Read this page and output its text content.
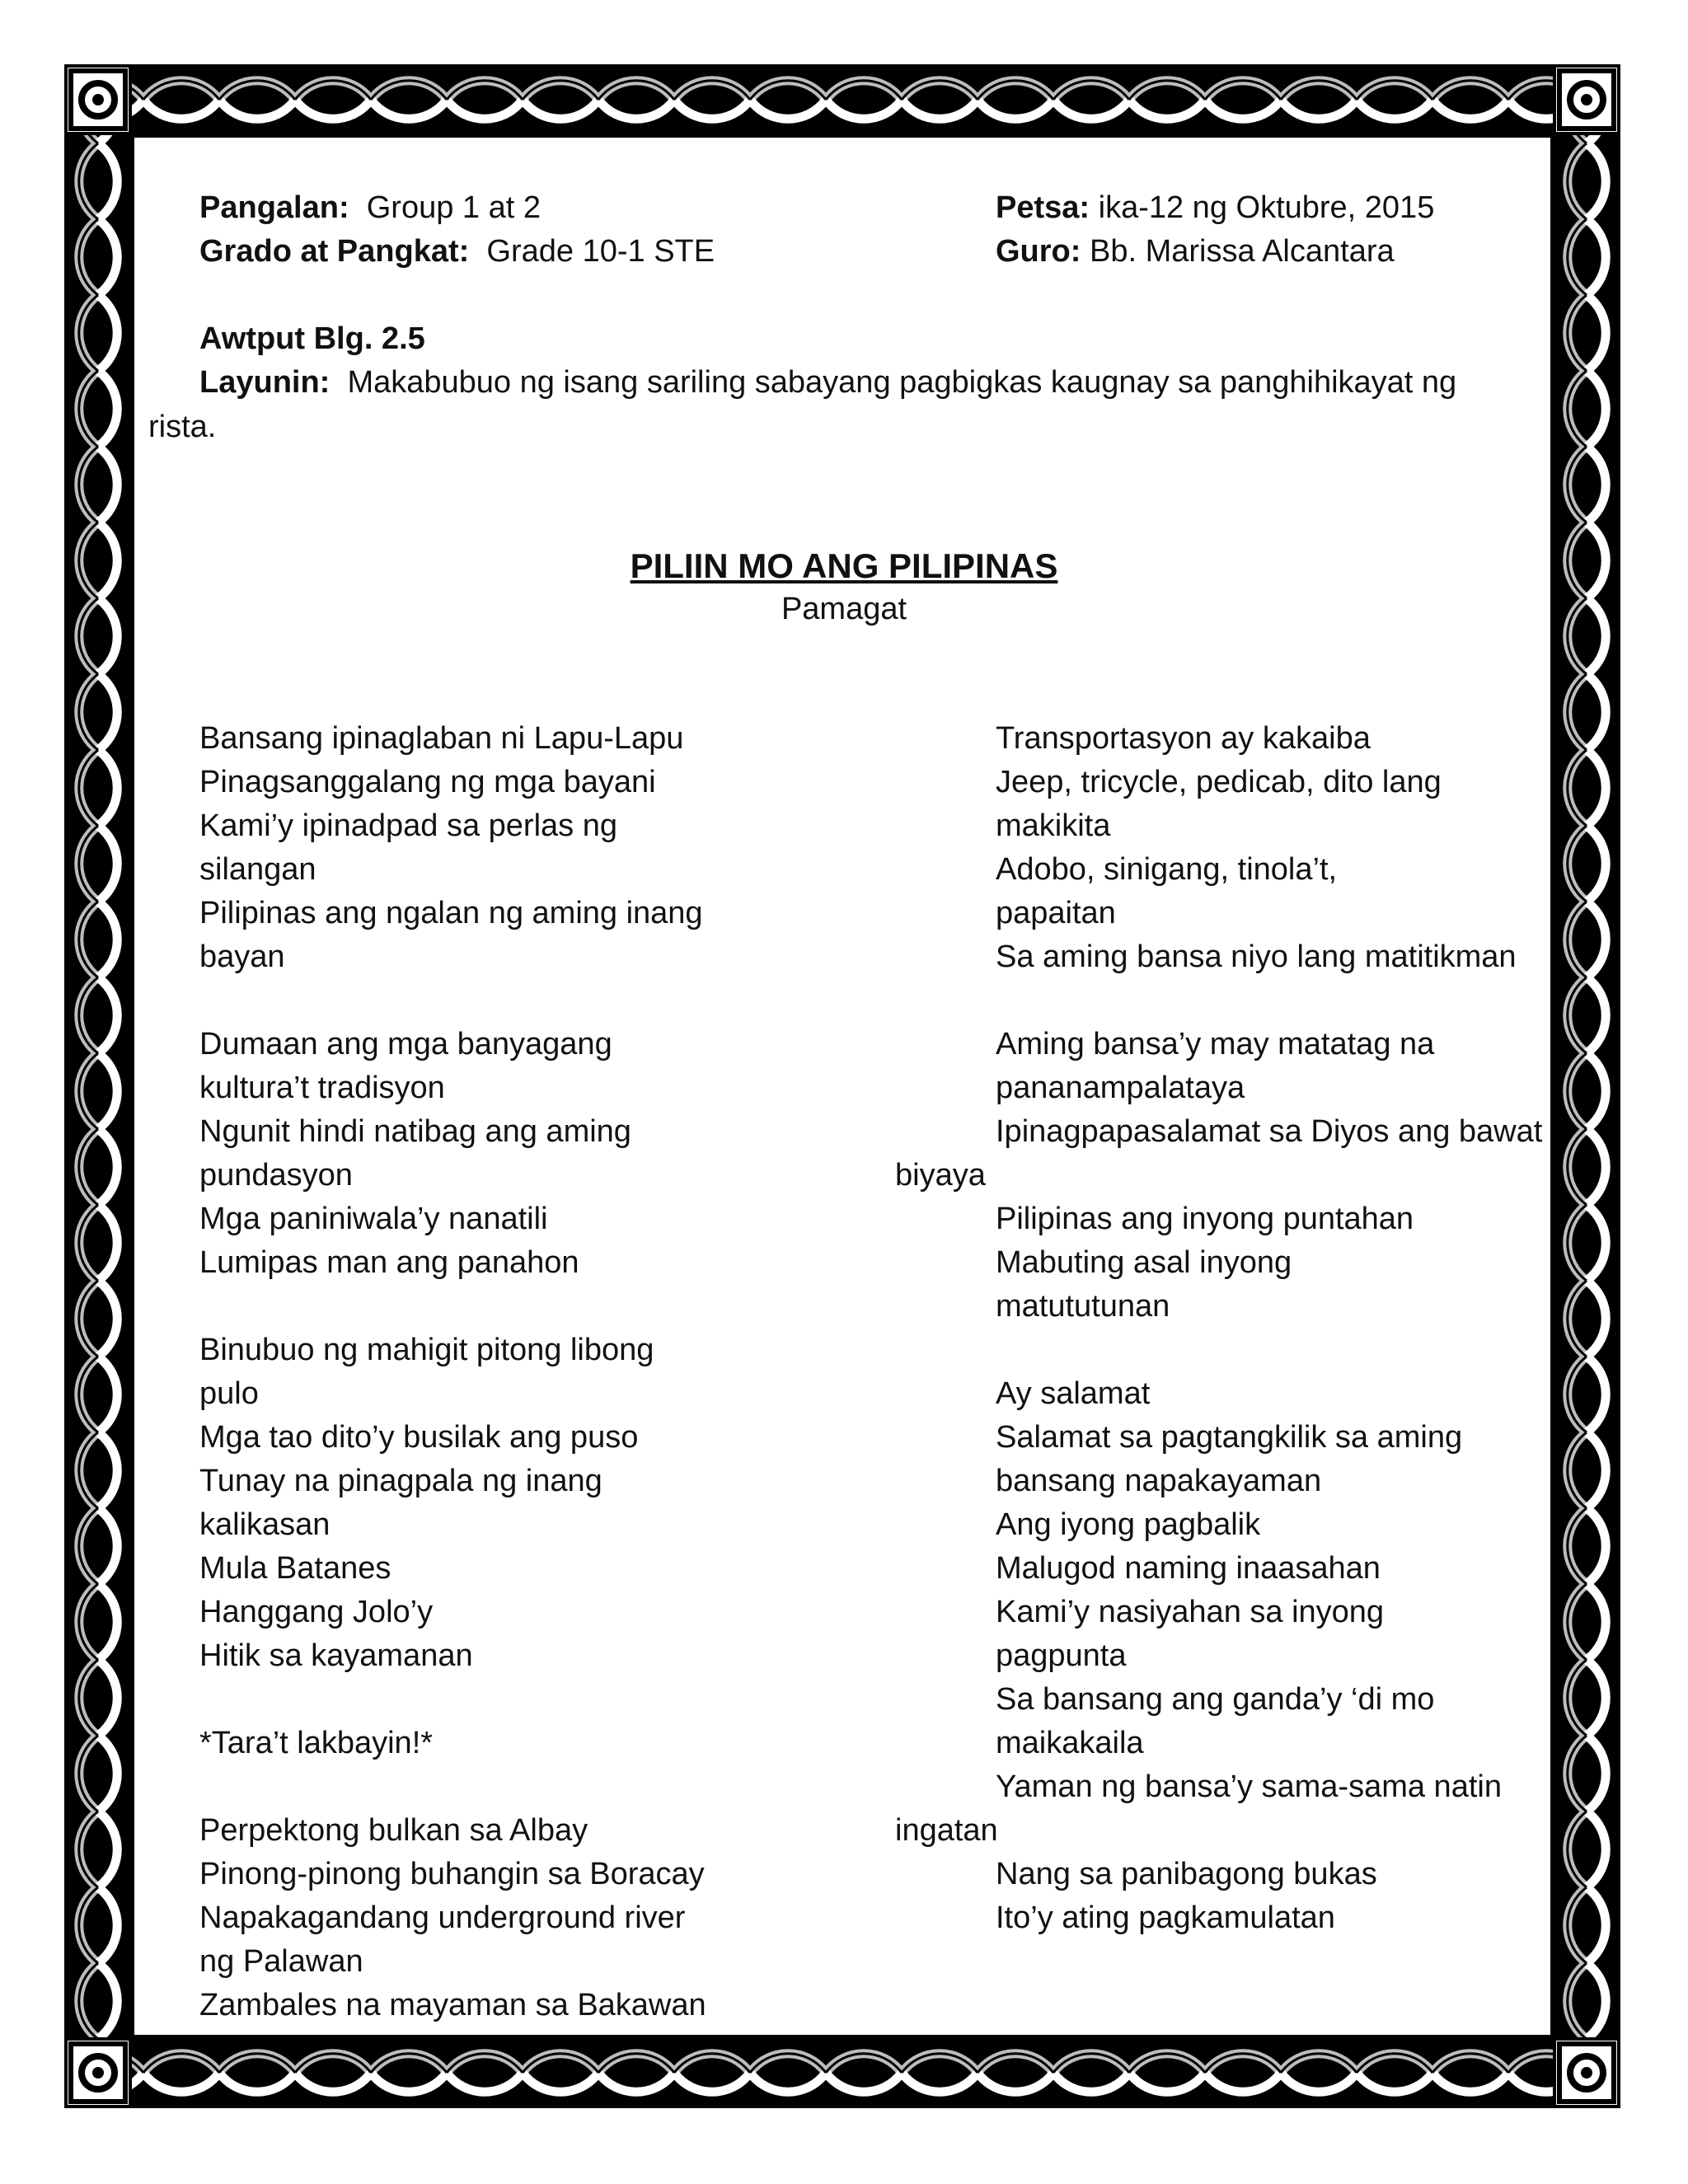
Pangalan: Group 1 at 2
Grado at Pangkat: Grade 10-1 STE
Petsa: ika-12 ng Oktubre, 2015
Guro: Bb. Marissa Alcantara
Awtput Blg. 2.5
Layunin: Makabubuo ng isang sariling sabayang pagbigkas kaugnay sa panghihikayat ng
rista.
PILIIN MO ANG PILIPINAS
Pamagat
Bansang ipinaglaban ni Lapu-Lapu
Pinagsanggalang ng mga bayani
Kami’y ipinadpad sa perlas ng
silangan
Pilipinas ang ngalan ng aming inang
bayan
Dumaan ang mga banyagang
kultura’t tradisyon
Ngunit hindi natibag ang aming
pundasyon
Mga paniniwala’y nanatili
Lumipas man ang panahon
Binubuo ng mahigit pitong libong
pulo
Mga tao dito’y busilak ang puso
Tunay na pinagpala ng inang
kalikasan
Mula Batanes
Hanggang Jolo’y
Hitik sa kayamanan
*Tara’t lakbayin!*
Perpektong bulkan sa Albay
Pinong-pinong buhangin sa Boracay
Napakagandang underground river
ng Palawan
Zambales na mayaman sa Bakawan
Transportasyon ay kakaiba
Jeep, tricycle, pedicab, dito lang
makikita
Adobo, sinigang, tinola’t,
papaitan
Sa aming bansa niyo lang matitikman
Aming bansa’y may matatag na
pananampalataya
Ipinagpapasalamat sa Diyos ang bawat
biyaya
Pilipinas ang inyong puntahan
Mabuting asal inyong
matututunan
Ay salamat
Salamat sa pagtangkilik sa aming
bansang napakayaman
Ang iyong pagbalik
Malugod naming inaasahan
Kami’y nasiyahan sa inyong
pagpunta
Sa bansang ang ganda’y ‘di mo
maikakaila
Yaman ng bansa’y sama-sama natin
ingatan
Nang sa panibagong bukas
Ito’y ating pagkamulatan
